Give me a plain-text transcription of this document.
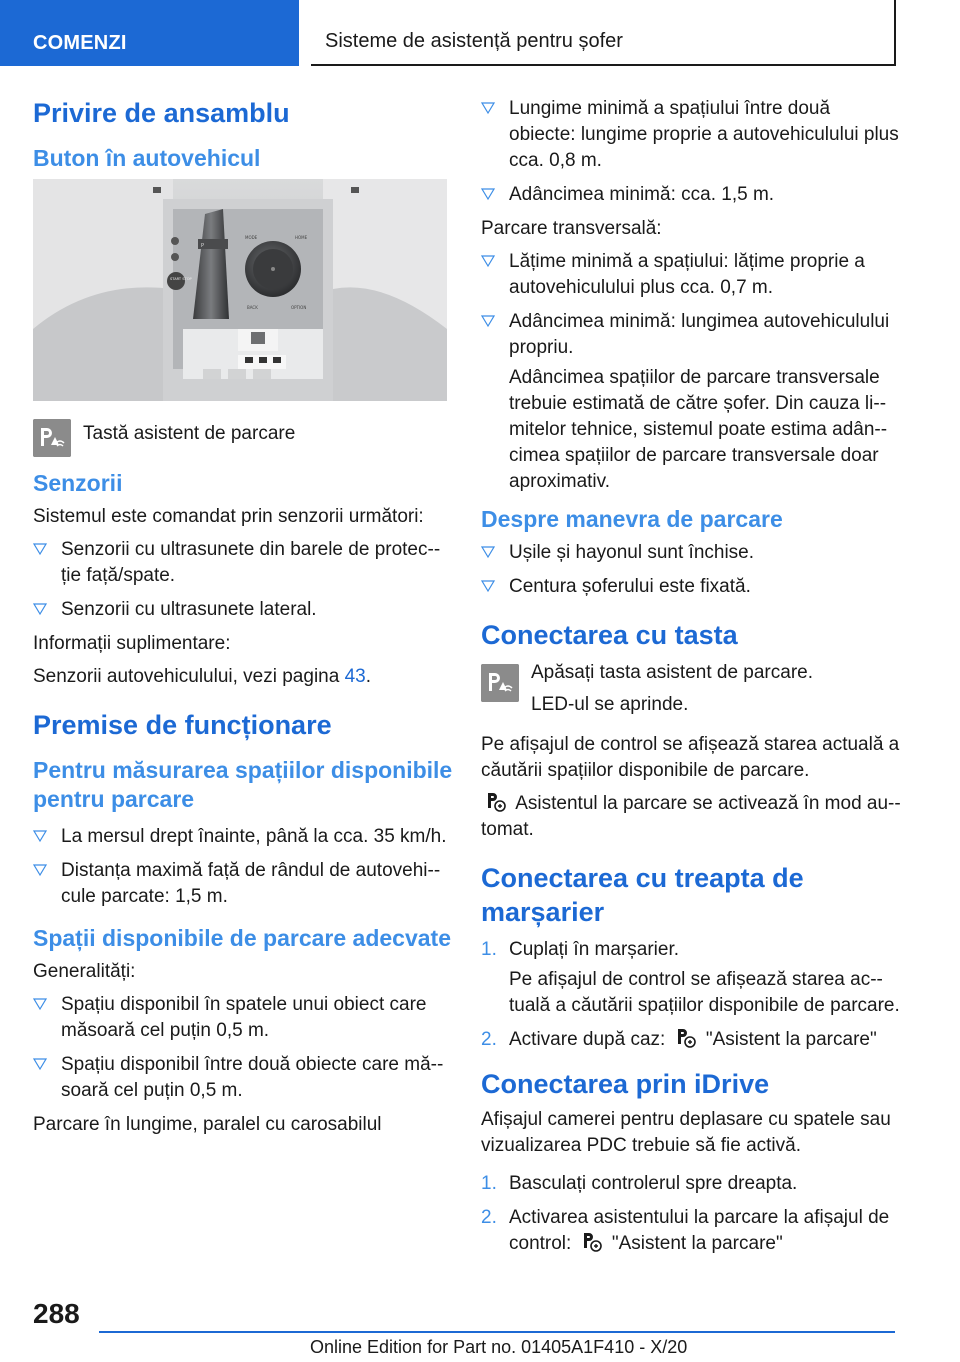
COMENZI	Sisteme de asistență pentru șofer
Privire de ansamblu
Buton în autovehicul
P
START STOP
MODE	HOME
BACK	OPTION

Tastă asistent de parcare

Senzorii

Sistemul este comandat prin senzorii următori:

Senzorii cu ultrasunete din barele de protec-ție față/spate.
Senzorii cu ultrasunete lateral.

Informații suplimentare:

Senzorii autovehiculului, vezi pagina 43.

Premise de funcționare
Pentru măsurarea spațiilor disponibile pentru parcare
La mersul drept înainte, până la cca. 35 km/h.
Distanța maximă față de rândul de autovehi-cule parcate: 1,5 m.
Spații disponibile de parcare adecvate

Generalități:

Spațiu disponibil în spatele unui obiect care măsoară cel puțin 0,5 m.
Spațiu disponibil între două obiecte care mă-soară cel puțin 0,5 m.

Parcare în lungime, paralel cu carosabilul

Lungime minimă a spațiului între două obiecte: lungime proprie a autovehiculului plus cca. 0,8 m.
Adâncimea minimă: cca. 1,5 m.

Parcare transversală:

Lățime minimă a spațiului: lățime proprie a autovehiculului plus cca. 0,7 m.
Adâncimea minimă: lungimea autovehiculului propriu.

Adâncimea spațiilor de parcare transversale trebuie estimată de către șofer. Din cauza li-mitelor tehnice, sistemul poate estima adân-cimea spațiilor de parcare transversale doar aproximativ.

Despre manevra de parcare
Ușile și hayonul sunt închise.
Centura șoferului este fixată.
Conectarea cu tasta

Apăsați tasta asistent de parcare.

LED-ul se aprinde.

Pe afișajul de control se afișează starea actuală a căutării spațiilor disponibile de parcare.

Asistentul la parcare se activează în mod au-tomat.

Conectarea cu treapta de marșarier
1. Cuplați în marșarier.

Pe afișajul de control se afișează starea ac-tuală a căutării spațiilor disponibile de parcare.

2. Activare după caz: "Asistent la parcare"
Conectarea prin iDrive

Afișajul camerei pentru deplasare cu spatele sau vizualizarea PDC trebuie să fie activă.

1. Basculați controlerul spre dreapta.
2. Activarea asistentului la parcare la afișajul de control: "Asistent la parcare"
288
Online Edition for Part no. 01405A1F410 - X/20
